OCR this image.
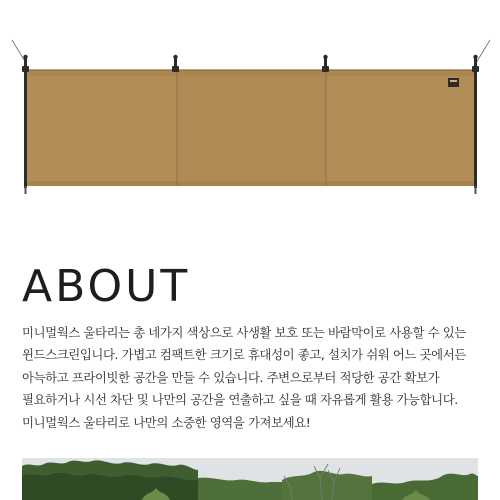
ABOUT

미니멀웍스 울타리는 총 네가지 색상으로 사생활 보호 또는 바람막이로 사용할 수 있는 윈드스크린입니다. 가볍고 컴팩트한 크기로 휴대성이 좋고, 설치가 쉬워 어느 곳에서든 아늑하고 프라이빗한 공간을 만들 수 있습니다. 주변으로부터 적당한 공간 확보가 필요하거나 시선 차단 및 나만의 공간을 연출하고 싶을 때 자유롭게 활용 가능합니다. 미니멀웍스 울타리로 나만의 소중한 영역을 가져보세요!
